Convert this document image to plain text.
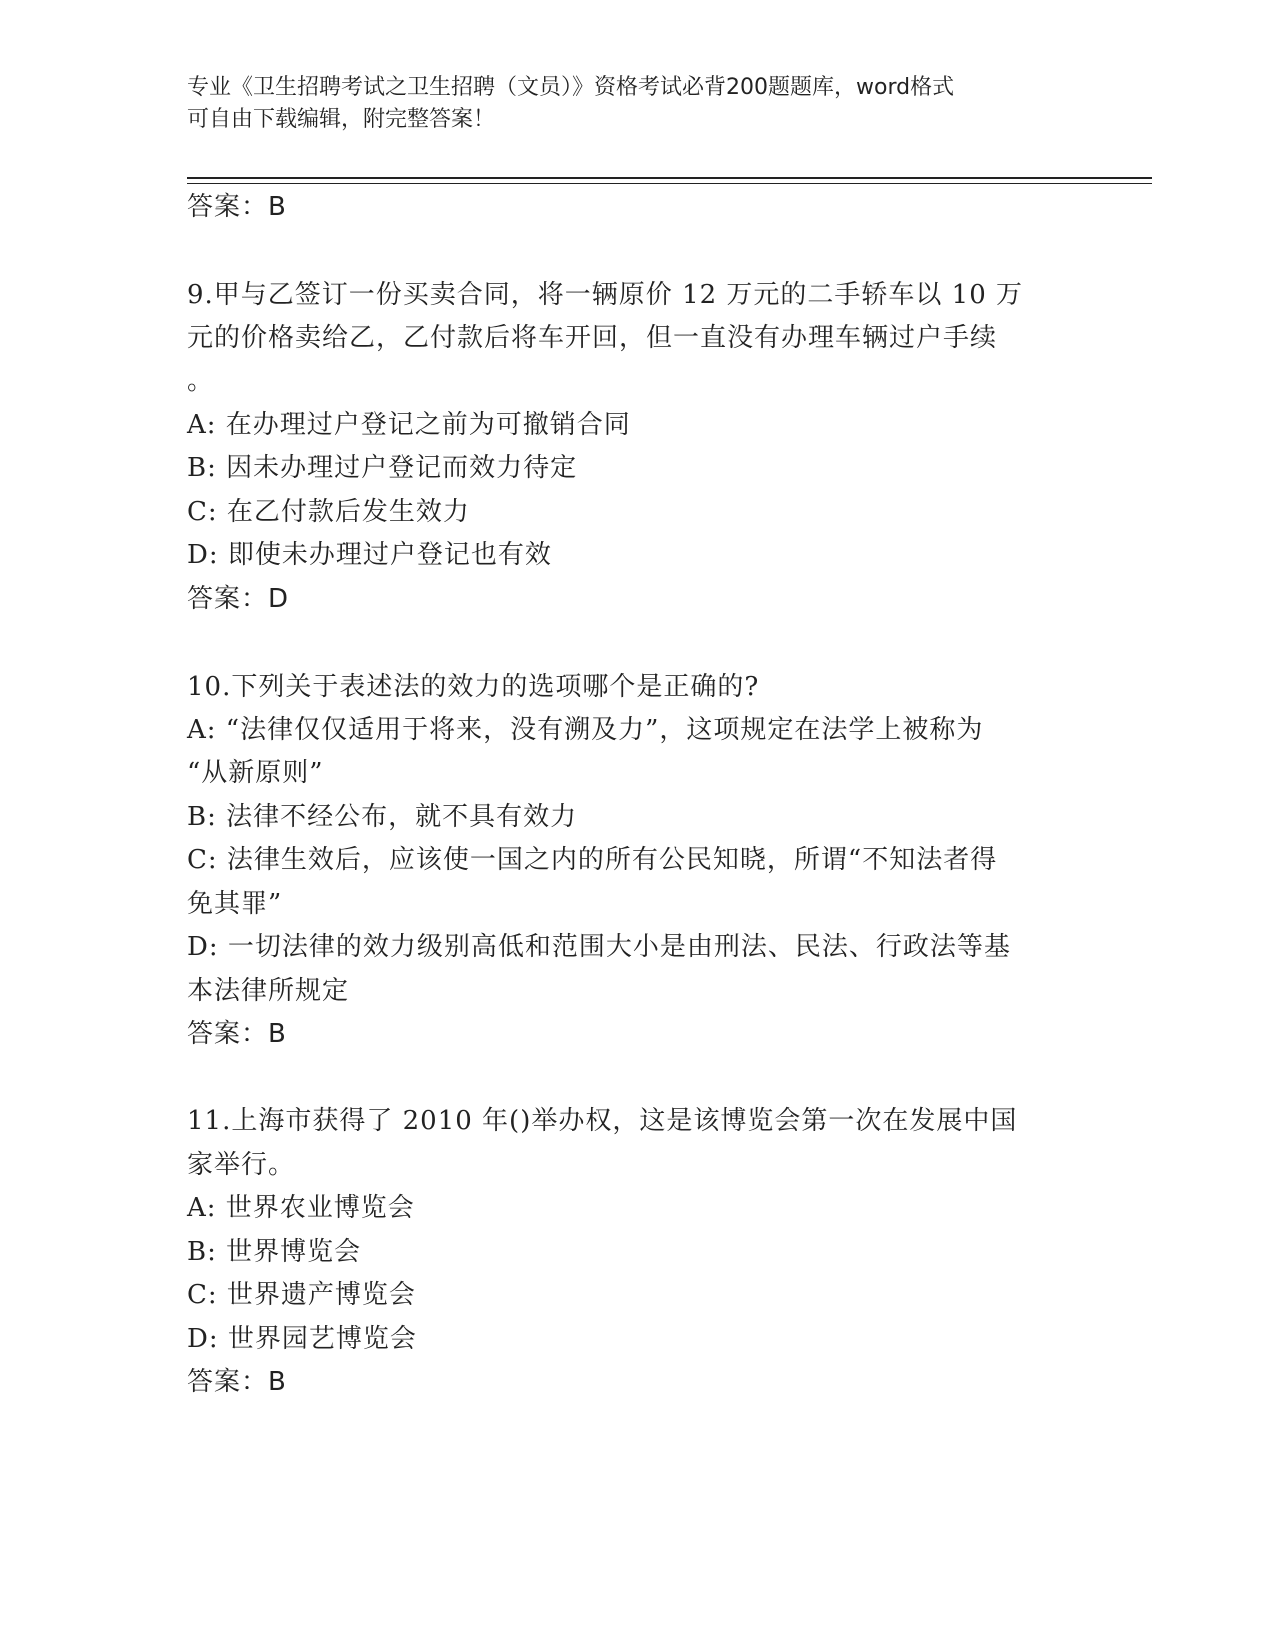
专业《卫生招聘考试之卫生招聘（文员）》资格考试必背200题题库，word格式
可自由下载编辑，附完整答案！
答案：B
9.甲与乙签订一份买卖合同，将一辆原价 12 万元的二手轿车以 10 万
元的价格卖给乙，乙付款后将车开回，但一直没有办理车辆过户手续
。
A: 在办理过户登记之前为可撤销合同
B: 因未办理过户登记而效力待定
C: 在乙付款后发生效力
D: 即使未办理过户登记也有效
答案：D
10.下列关于表述法的效力的选项哪个是正确的?
A: “法律仅仅适用于将来，没有溯及力”，这项规定在法学上被称为
“从新原则”
B: 法律不经公布，就不具有效力
C: 法律生效后，应该使一国之内的所有公民知晓，所谓“不知法者得
免其罪”
D: 一切法律的效力级别高低和范围大小是由刑法、民法、行政法等基
本法律所规定
答案：B
11.上海市获得了 2010 年()举办权，这是该博览会第一次在发展中国
家举行。
A: 世界农业博览会
B: 世界博览会
C: 世界遗产博览会
D: 世界园艺博览会
答案：B
